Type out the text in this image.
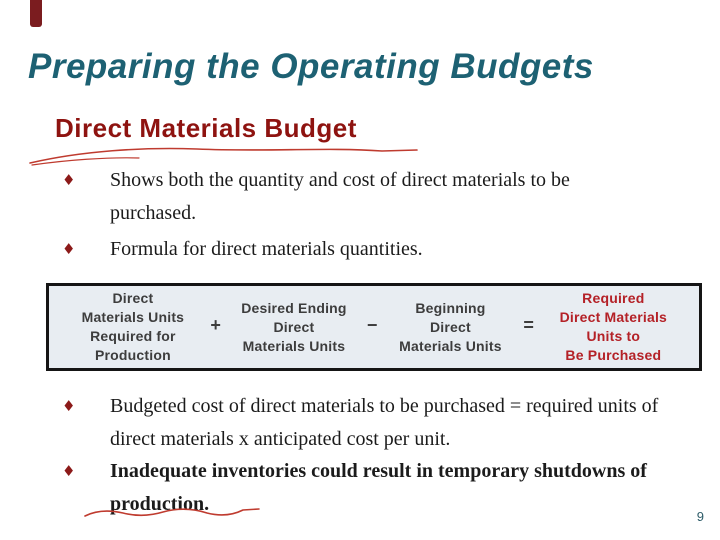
Preparing the Operating Budgets
Direct Materials Budget
♦	Shows both the quantity and cost of direct materials to be purchased.
♦	Formula for direct materials quantities.
Direct
Materials Units
Required for
Production
+
Desired Ending
Direct
Materials Units
−
Beginning
Direct
Materials Units
=
Required
Direct Materials
Units to
Be Purchased
♦	Budgeted cost of direct materials to be purchased = required units of direct materials x anticipated cost per unit.
♦	Inadequate inventories could result in temporary shutdowns of production.
9
